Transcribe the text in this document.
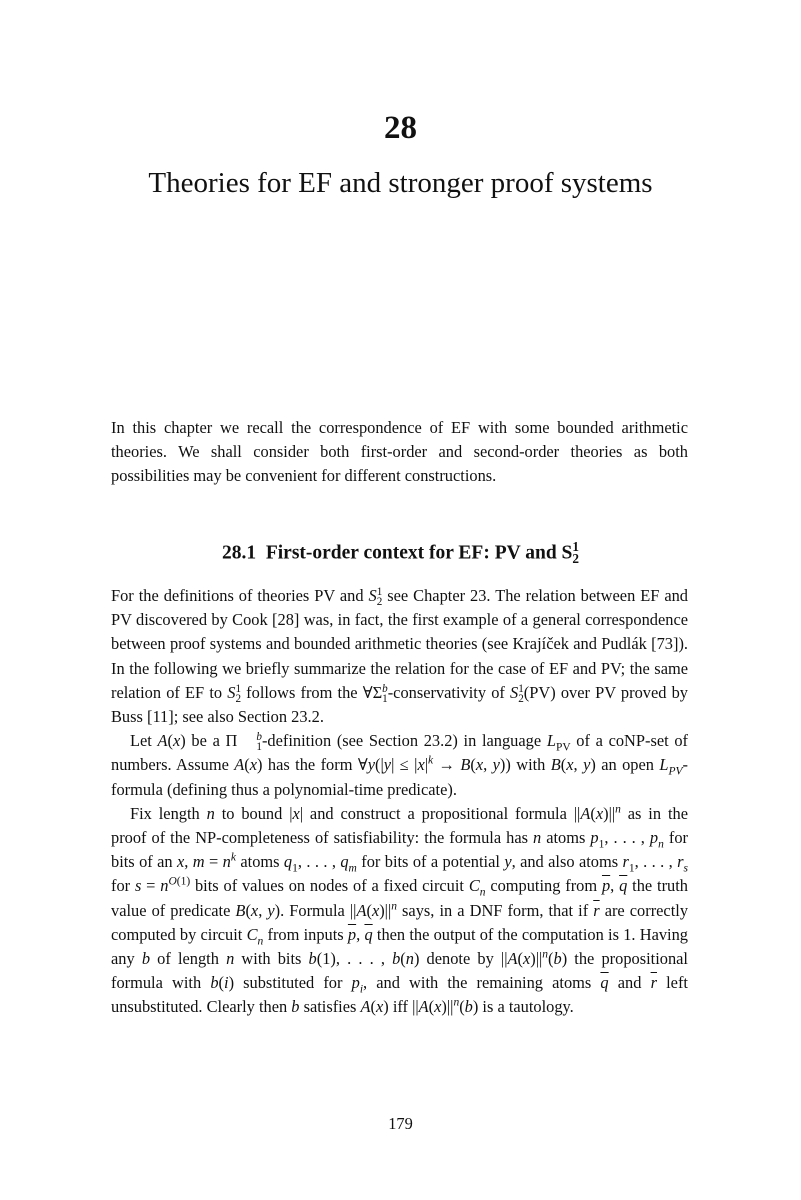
28
Theories for EF and stronger proof systems
In this chapter we recall the correspondence of EF with some bounded arithmetic theories. We shall consider both first-order and second-order theories as both possibilities may be convenient for different constructions.
28.1 First-order context for EF: PV and S 1
2

For the definitions of theories PV and S 1
2 see Chapter 23. The relation between EF and PV discovered by Cook [28] was, in fact, the first example of a general correspondence between proof systems and bounded arithmetic theories (see Krajíček and Pudlák [73]). In the following we briefly summarize the relation for the case of EF and PV; the same relation of EF to S 1
2 follows from the ∀Σ b
1 -conservativity of S 1
2 (PV) over PV proved by Buss [11]; see also Section 23.2.

Let A(x) be a Π	b
1 -definition (see Section 23.2) in language $L_{PV}$ of a coNP-set of numbers. Assume A(x) has the form ∀y(|y| ≤ $|x|^k \to B(x$, y)) with B(x, y) an open $L_{PV}$-formula (defining thus a polynomial-time predicate).

Fix length n to bound |x| and construct a propositional formula $||A(x)||^n$ as in the proof of the NP-completeness of satisfiability: the formula has n atoms $p_1$, . . . , $p_n$ for bits of an x, $m = n^k$ atoms $q_1$, . . . , $q_m$ for bits of a potential y, and also atoms $r_1$, . . . , $r_s$ for $s = n^{O(1)}$ bits of values on nodes of a fixed circuit $C_n$ computing from $\overline{p}$, $\overline{q}$ the truth value of predicate B(x, y). Formula $||A(x)||^n$ says, in a DNF form, that if $\overline{r}$ are correctly computed by circuit $C_n$ from inputs $\overline{p}$, $\overline{q}$ then the output of the computation is 1. Having any b of length n with bits b(1), . . . , b(n) denote by $||A(x)||^n(b)$ the propositional formula with b(i) substituted for $p_i$, and with the remaining atoms $\overline{q}$ and $\overline{r}$ left unsubstituted. Clearly then b satisfies A(x) iff $||A(x)||^n(b)$ is a tautology.

179
